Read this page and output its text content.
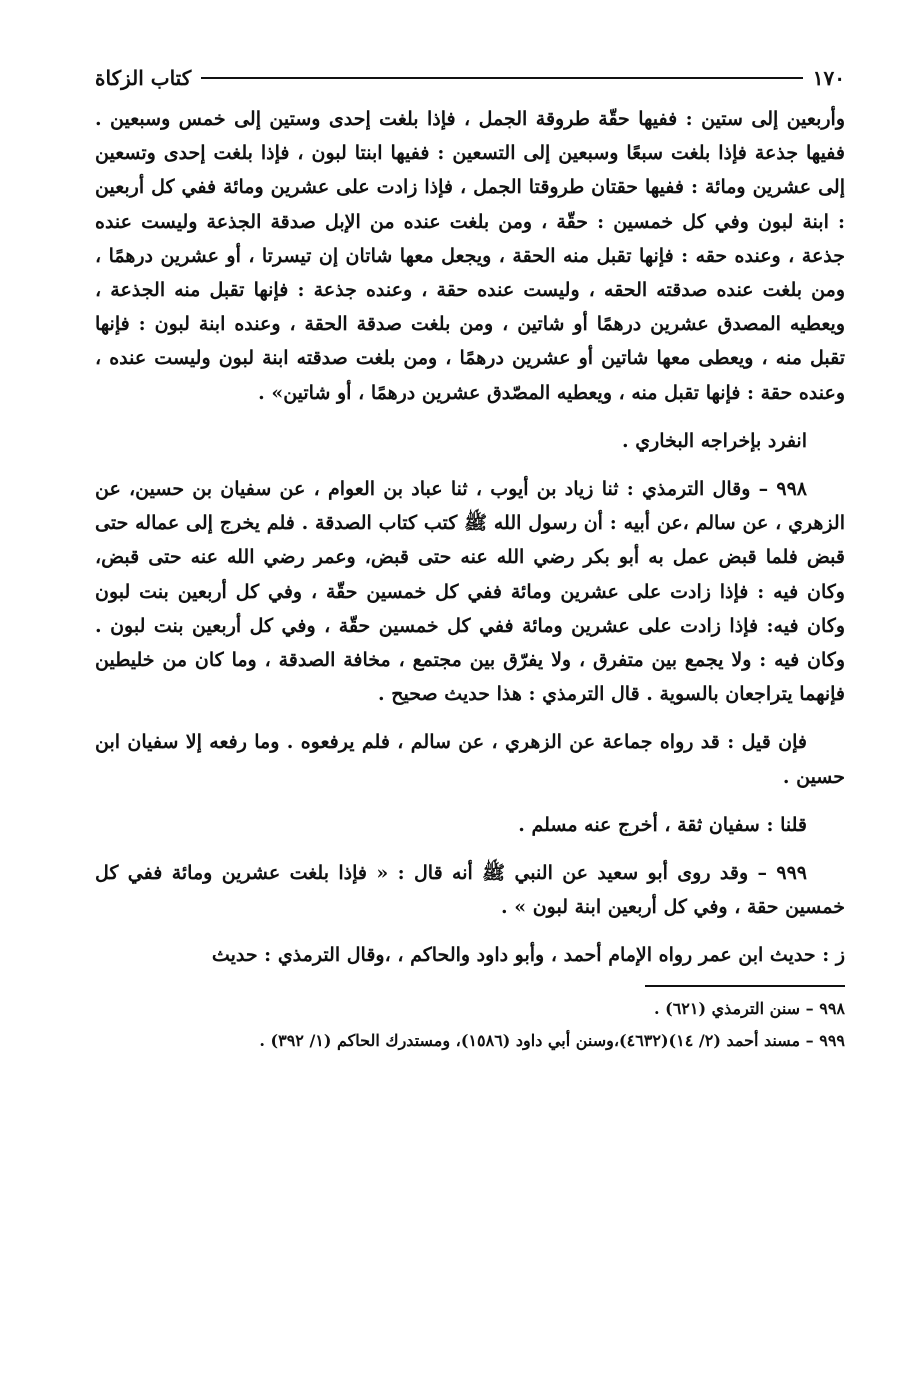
١٧٠
كتاب الزكاة

وأربعين إلى ستين : ففيها حقّة طروقة الجمل ، فإذا بلغت إحدى وستين إلى خمس وسبعين . ففيها جذعة فإذا بلغت سبعًا وسبعين إلى التسعين : ففيها ابنتا لبون ، فإذا بلغت إحدى وتسعين إلى عشرين ومائة : ففيها حقتان طروقتا الجمل ، فإذا زادت على عشرين ومائة ففي كل أربعين : ابنة لبون وفي كل خمسين : حقّة ، ومن بلغت عنده من الإبل صدقة الجذعة وليست عنده جذعة ، وعنده حقه : فإنها تقبل منه الحقة ، ويجعل معها شاتان إن تيسرتا ، أو عشرين درهمًا ، ومن بلغت عنده صدقته الحقه ، وليست عنده حقة ، وعنده جذعة : فإنها تقبل منه الجذعة ، ويعطيه المصدق عشرين درهمًا أو شاتين ، ومن بلغت صدقة الحقة ، وعنده ابنة لبون : فإنها تقبل منه ، ويعطى معها شاتين أو عشرين درهمًا ، ومن بلغت صدقته ابنة لبون وليست عنده ، وعنده حقة : فإنها تقبل منه ، ويعطيه المصّدق عشرين درهمًا ، أو شاتين» .

انفرد بإخراجه البخاري .

٩٩٨ – وقال الترمذي : ثنا زياد بن أيوب ، ثنا عباد بن العوام ، عن سفيان بن حسين، عن الزهري ، عن سالم ،عن أبيه : أن رسول الله ﷺ كتب كتاب الصدقة . فلم يخرج إلى عماله حتى قبض فلما قبض عمل به أبو بكر رضي الله عنه حتى قبض، وعمر رضي الله عنه حتى قبض، وكان فيه : فإذا زادت على عشرين ومائة ففي كل خمسين حقّة ، وفي كل أربعين بنت لبون وكان فيه: فإذا زادت على عشرين ومائة ففي كل خمسين حقّة ، وفي كل أربعين بنت لبون . وكان فيه : ولا يجمع بين متفرق ، ولا يفرّق بين مجتمع ، مخافة الصدقة ، وما كان من خليطين فإنهما يتراجعان بالسوية . قال الترمذي : هذا حديث صحيح .

فإن قيل : قد رواه جماعة عن الزهري ، عن سالم ، فلم يرفعوه . وما رفعه إلا سفيان ابن حسين .

قلنا : سفيان ثقة ، أخرج عنه مسلم .

٩٩٩ – وقد روى أبو سعيد عن النبي ﷺ أنه قال : « فإذا بلغت عشرين ومائة ففي كل خمسين حقة ، وفي كل أربعين ابنة لبون » .

ز : حديث ابن عمر رواه الإمام أحمد ، وأبو داود والحاكم ، ،وقال الترمذي : حديث

٩٩٨ – سنن الترمذي (٦٢١) .
٩٩٩ – مسند أحمد (٢/ ١٤)(٤٦٣٢)،وسنن أبي داود (١٥٨٦)، ومستدرك الحاكم (١/ ٣٩٢) .
